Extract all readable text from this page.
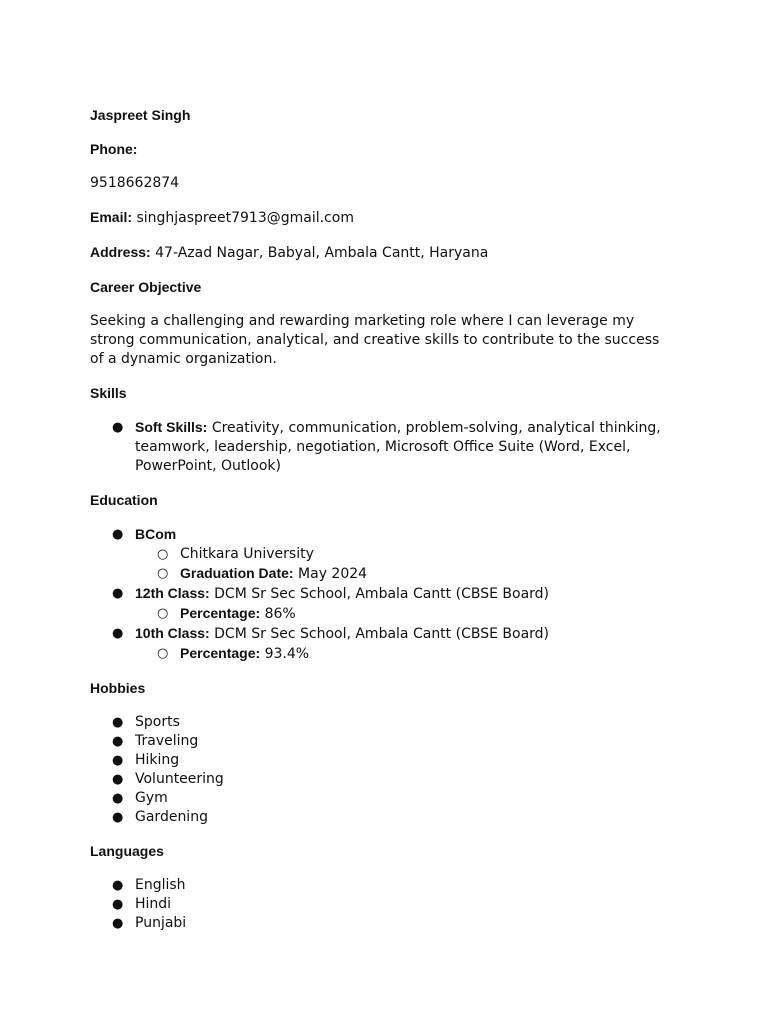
Jaspreet Singh
Phone:
9518662874
Email: singhjaspreet7913@gmail.com
Address: 47-Azad Nagar, Babyal, Ambala Cantt, Haryana
Career Objective
Seeking a challenging and rewarding marketing role where I can leverage my strong communication, analytical, and creative skills to contribute to the success of a dynamic organization.
Skills
● Soft Skills: Creativity, communication, problem-solving, analytical thinking, teamwork, leadership, negotiation, Microsoft Office Suite (Word, Excel, PowerPoint, Outlook)
Education
● BCom
○ Chitkara University
○ Graduation Date: May 2024
● 12th Class: DCM Sr Sec School, Ambala Cantt (CBSE Board)
○ Percentage: 86%
● 10th Class: DCM Sr Sec School, Ambala Cantt (CBSE Board)
○ Percentage: 93.4%
Hobbies
● Sports
● Traveling
● Hiking
● Volunteering
● Gym
● Gardening
Languages
● English
● Hindi
● Punjabi
